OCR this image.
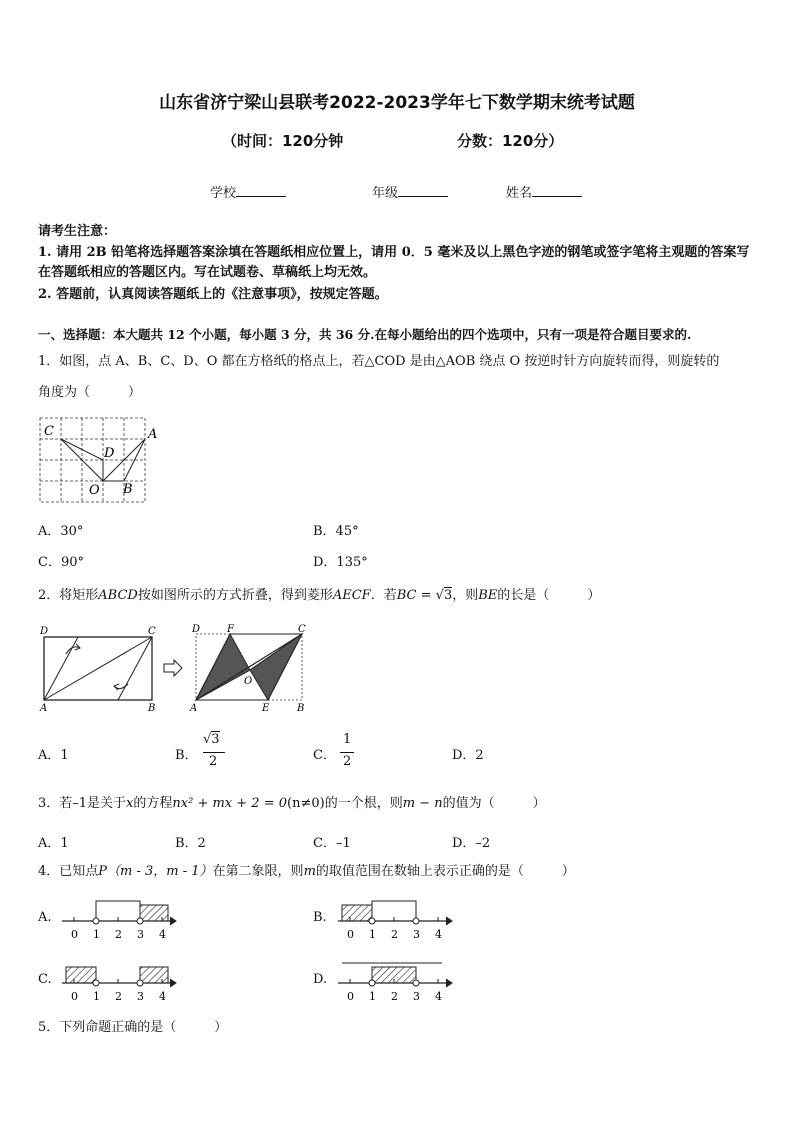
山东省济宁梁山县联考2022-2023学年七下数学期末统考试题
（时间：120分钟	分数：120分）
学校	年级	姓名
请考生注意：
1. 请用 2B 铅笔将选择题答案涂填在答题纸相应位置上，请用 0．5 毫米及以上黑色字迹的钢笔或签字笔将主观题的答案写在答题纸相应的答题区内。写在试题卷、草稿纸上均无效。
2. 答题前，认真阅读答题纸上的《注意事项》，按规定答题。
一、选择题：本大题共 12 个小题，每小题 3 分，共 36 分.在每小题给出的四个选项中，只有一项是符合题目要求的.
1．如图，点 A、B、C、D、O 都在方格纸的格点上，若△COD 是由△AOB 绕点 O 按逆时针方向旋转而得，则旋转的
角度为（	）
C
D
A
O B
A．30°	B．45°
C．90°	D．135°
2．将矩形ABCD按如图所示的方式折叠，得到菱形AECF．若BC = √3，则BE的长是（	）
D	C
A	B
D	F	C
O
A	E	B
A．1	B．
√3
2	C．
1
2	D．2
3．若–1是关于x的方程nx² + mx + 2 = 0(n≠0)的一个根，则m − n的值为（	）
A．1	B．2	C．–1	D．–2
4．已知点P（m - 3，m - 1）在第二象限，则m的取值范围在数轴上表示正确的是（	）
A.	B.
C.	D.
0 1 2 3 4	0 1 2 3 4
0 1 2 3 4	0 1 2 3 4
5．下列命题正确的是（	）
